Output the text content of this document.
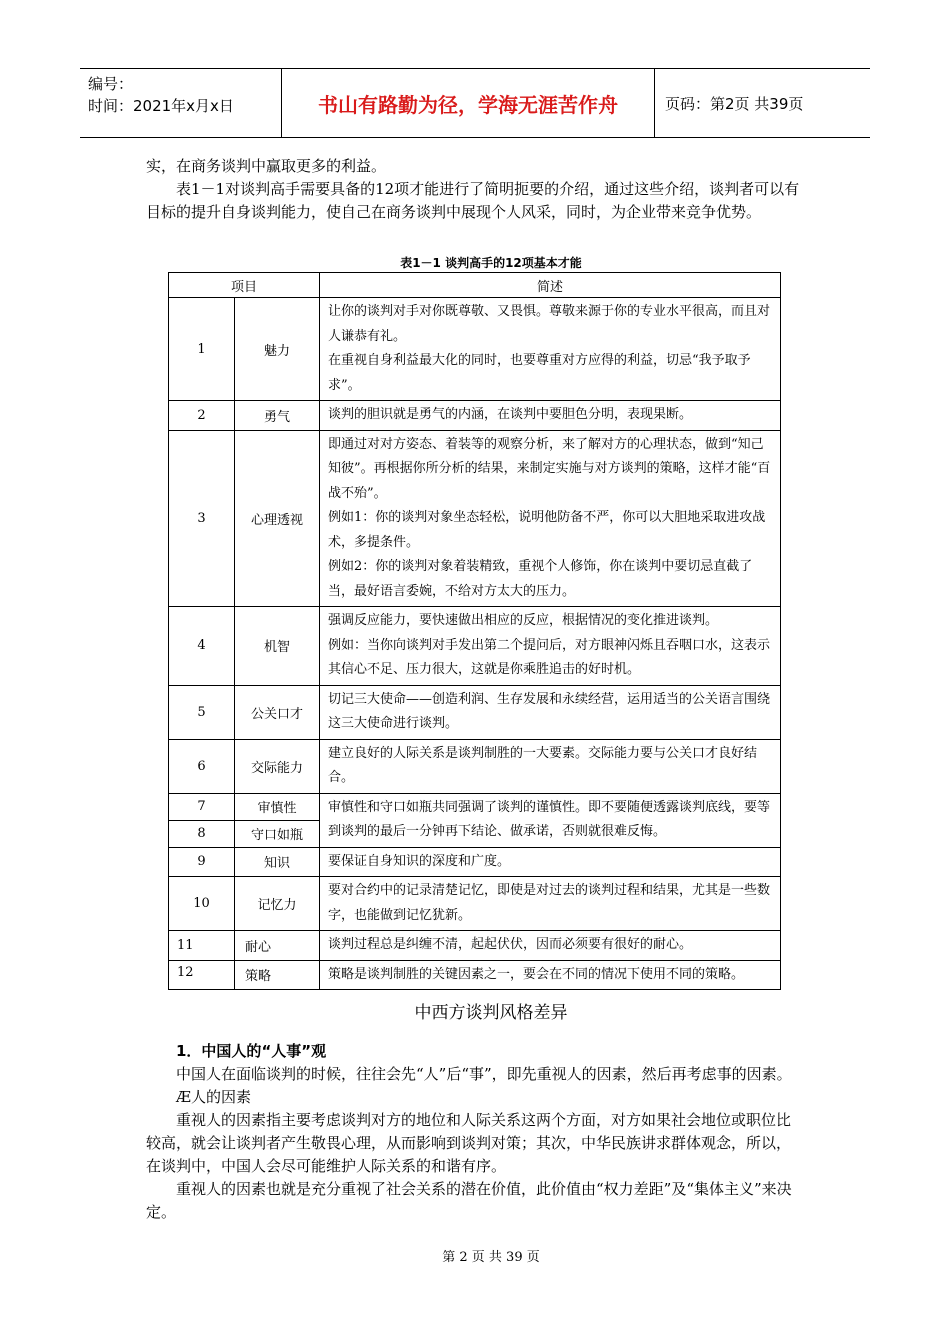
编号：
时间：2021年x月x日	书山有路勤为径，学海无涯苦作舟	页码：第2页 共39页

实，在商务谈判中赢取更多的利益。

表1－1对谈判高手需要具备的12项才能进行了简明扼要的介绍，通过这些介绍，谈判者可以有目标的提升自身谈判能力，使自己在商务谈判中展现个人风采，同时，为企业带来竞争优势。

表1－1 谈判高手的12项基本才能
项目		简述
1	魅力	让你的谈判对手对你既尊敬、又畏惧。尊敬来源于你的专业水平很高，而且对人谦恭有礼。

在重视自身利益最大化的同时，也要尊重对方应得的利益，切忌“我予取予求”。

2	勇气	谈判的胆识就是勇气的内涵，在谈判中要胆色分明，表现果断。

3	心理透视	即通过对对方姿态、着装等的观察分析，来了解对方的心理状态，做到“知己知彼”。再根据你所分析的结果，来制定实施与对方谈判的策略，这样才能“百战不殆”。

例如1：你的谈判对象坐态轻松，说明他防备不严，你可以大胆地采取进攻战术，多提条件。

例如2：你的谈判对象着装精致，重视个人修饰，你在谈判中要切忌直截了当，最好语言委婉，不给对方太大的压力。

4	机智	强调反应能力，要快速做出相应的反应，根据情况的变化推进谈判。

例如：当你向谈判对手发出第二个提问后，对方眼神闪烁且吞咽口水，这表示其信心不足、压力很大，这就是你乘胜追击的好时机。

5	公关口才	切记三大使命——创造利润、生存发展和永续经营，运用适当的公关语言围绕这三大使命进行谈判。

6	交际能力	建立良好的人际关系是谈判制胜的一大要素。交际能力要与公关口才良好结合。

7	审慎性	审慎性和守口如瓶共同强调了谈判的谨慎性。即不要随便透露谈判底线，要等到谈判的最后一分钟再下结论、做承诺，否则就很难反悔。

8	守口如瓶	
9	知识	要保证自身知识的深度和广度。

10	记忆力	要对合约中的记录清楚记忆，即使是对过去的谈判过程和结果，尤其是一些数字，也能做到记忆犹新。

11	耐心	谈判过程总是纠缠不清，起起伏伏，因而必须要有很好的耐心。

12	策略	策略是谈判制胜的关键因素之一，要会在不同的情况下使用不同的策略。

中西方谈判风格差异

1．中国人的“人事”观

中国人在面临谈判的时候，往往会先“人”后“事”，即先重视人的因素，然后再考虑事的因素。

Æ人的因素

重视人的因素指主要考虑谈判对方的地位和人际关系这两个方面，对方如果社会地位或职位比较高，就会让谈判者产生敬畏心理，从而影响到谈判对策；其次，中华民族讲求群体观念，所以，在谈判中，中国人会尽可能维护人际关系的和谐有序。

重视人的因素也就是充分重视了社会关系的潜在价值，此价值由“权力差距”及“集体主义”来决定。

第 2 页 共 39 页
